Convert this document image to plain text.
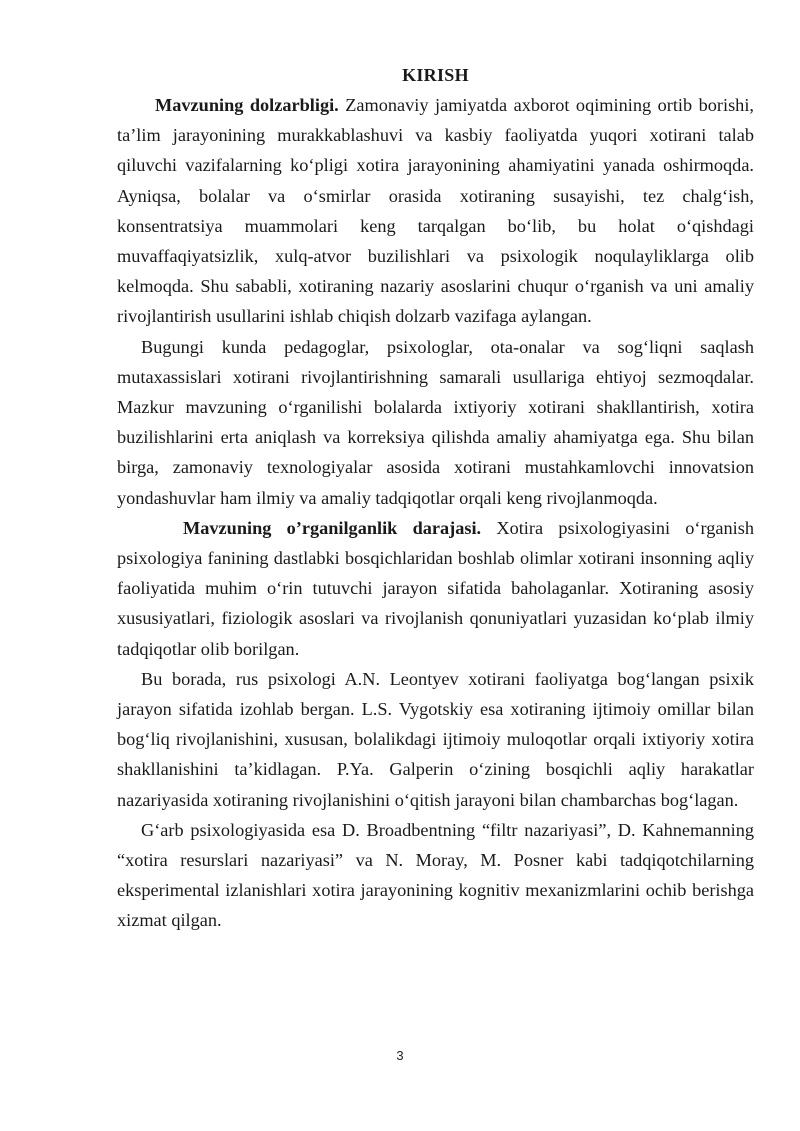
KIRISH

Mavzuning dolzarbligi. Zamonaviy jamiyatda axborot oqimining ortib borishi, ta’lim jarayonining murakkablashuvi va kasbiy faoliyatda yuqori xotirani talab qiluvchi vazifalarning ko‘pligi xotira jarayonining ahamiyatini yanada oshirmoqda. Ayniqsa, bolalar va o‘smirlar orasida xotiraning susayishi, tez chalg‘ish, konsentratsiya muammolari keng tarqalgan bo‘lib, bu holat o‘qishdagi muvaffaqiyatsizlik, xulq-atvor buzilishlari va psixologik noqulayliklarga olib kelmoqda. Shu sababli, xotiraning nazariy asoslarini chuqur o‘rganish va uni amaliy rivojlantirish usullarini ishlab chiqish dolzarb vazifaga aylangan.

Bugungi kunda pedagoglar, psixologlar, ota-onalar va sog‘liqni saqlash mutaxassislari xotirani rivojlantirishning samarali usullariga ehtiyoj sezmoqdalar. Mazkur mavzuning o‘rganilishi bolalarda ixtiyoriy xotirani shakllantirish, xotira buzilishlarini erta aniqlash va korreksiya qilishda amaliy ahamiyatga ega. Shu bilan birga, zamonaviy texnologiyalar asosida xotirani mustahkamlovchi innovatsion yondashuvlar ham ilmiy va amaliy tadqiqotlar orqali keng rivojlanmoqda.

Mavzuning o’rganilganlik darajasi. Xotira psixologiyasini o‘rganish psixologiya fanining dastlabki bosqichlaridan boshlab olimlar xotirani insonning aqliy faoliyatida muhim o‘rin tutuvchi jarayon sifatida baholaganlar. Xotiraning asosiy xususiyatlari, fiziologik asoslari va rivojlanish qonuniyatlari yuzasidan ko‘plab ilmiy tadqiqotlar olib borilgan.

Bu borada, rus psixologi A.N. Leontyev xotirani faoliyatga bog‘langan psixik jarayon sifatida izohlab bergan. L.S. Vygotskiy esa xotiraning ijtimoiy omillar bilan bog‘liq rivojlanishini, xususan, bolalikdagi ijtimoiy muloqotlar orqali ixtiyoriy xotira shakllanishini ta’kidlagan. P.Ya. Galperin o‘zining bosqichli aqliy harakatlar nazariyasida xotiraning rivojlanishini o‘qitish jarayoni bilan chambarchas bog‘lagan.

G‘arb psixologiyasida esa D. Broadbentning “filtr nazariyasi”, D. Kahnemanning “xotira resurslari nazariyasi” va N. Moray, M. Posner kabi tadqiqotchilarning eksperimental izlanishlari xotira jarayonining kognitiv mexanizmlarini ochib berishga xizmat qilgan.

3
